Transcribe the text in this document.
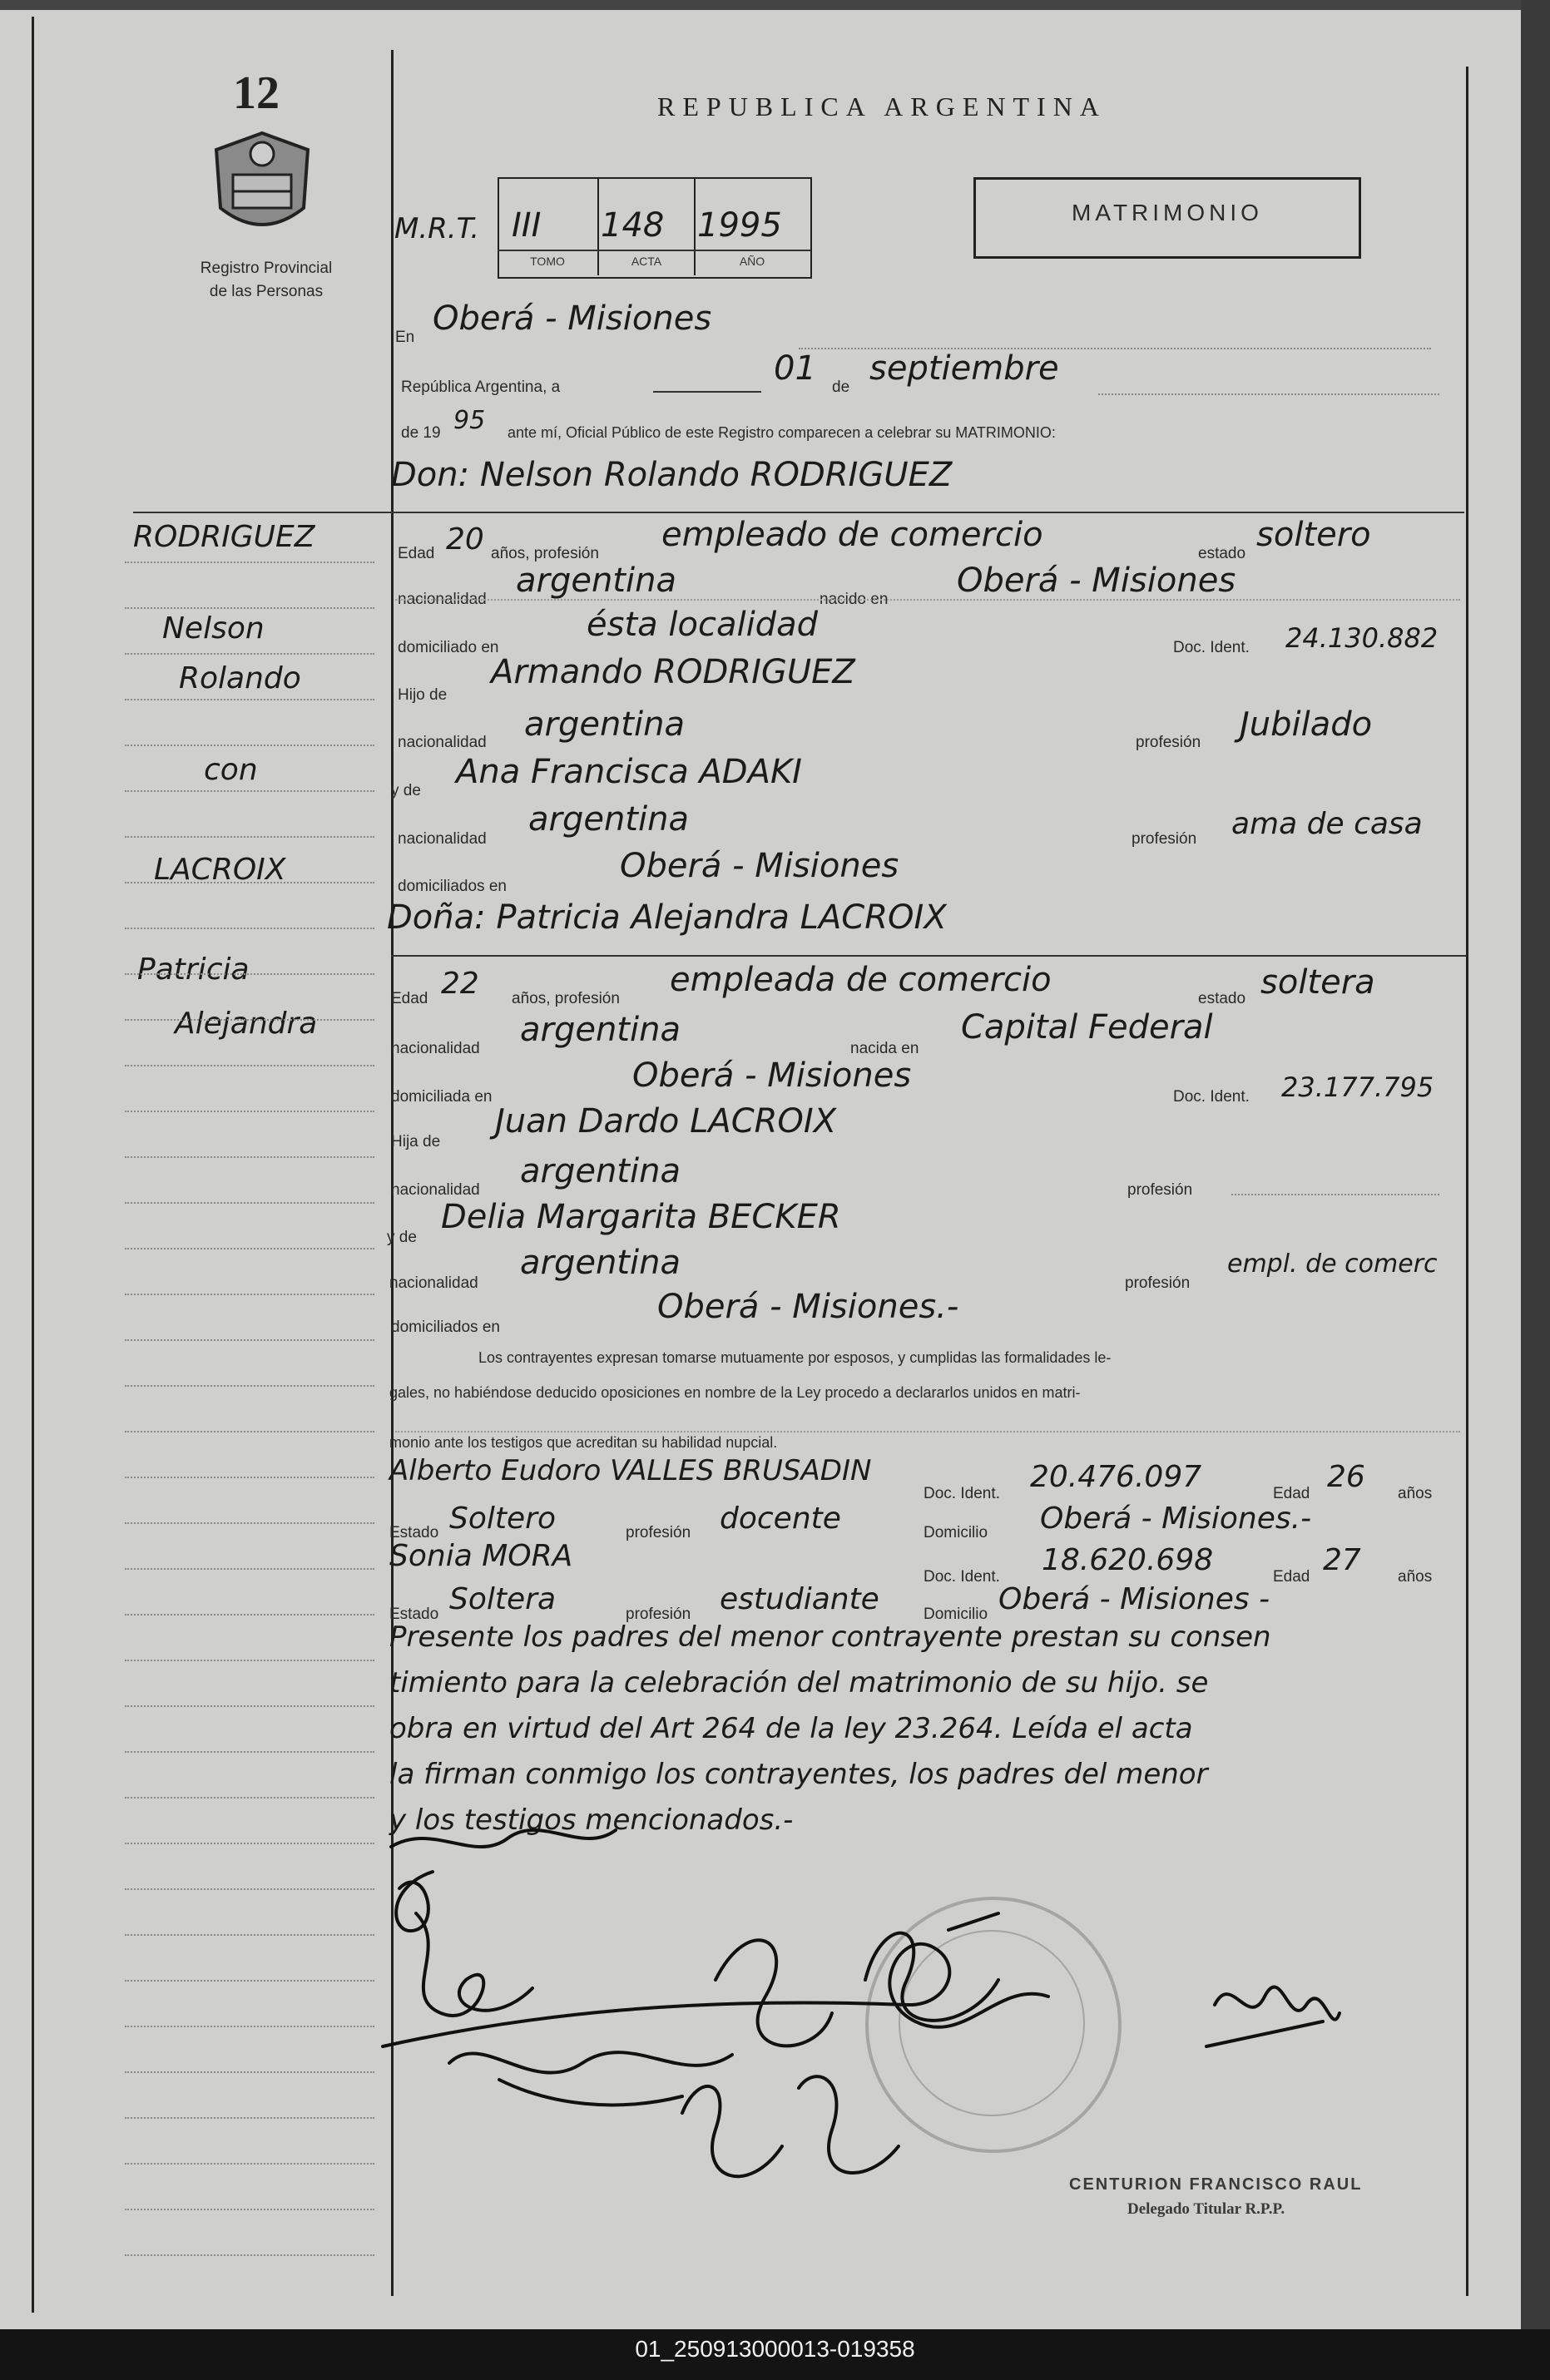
12
Registro Provincial
de las Personas
REPUBLICA ARGENTINA
MATRIMONIO
M.R.T. III 148 1995
TOMO	ACTA	AÑO
En Oberá - Misiones
República Argentina, a	01 de septiembre
de 19 95 ante mí, Oficial Público de este Registro comparecen a celebrar su MATRIMONIO:
Don: Nelson Rolando RODRIGUEZ
RODRIGUEZ
Nelson
Rolando
con
LACROIX
Patricia
Alejandra
Edad 20 años, profesión empleado de comercio	estado soltero
nacionalidad argentina	nacido en Oberá - Misiones
domiciliado en
ésta localidad
Doc. Ident. 24.130.882
Hijo de
Armando RODRIGUEZ
nacionalidad argentina	profesión Jubilado
y de Ana Francisca ADAKI
nacionalidad
argentina
profesión ama de casa
domiciliados en
Oberá - Misiones
Doña: Patricia Alejandra LACROIX
Edad 22 años, profesión empleada de comercio	estado soltera
nacionalidad argentina	nacida en
Capital Federal
domiciliada en
Oberá - Misiones
Doc. Ident. 23.177.795
Hija de
Juan Dardo LACROIX
nacionalidad argentina	profesión
y de
Delia Margarita BECKER
nacionalidad
argentina
profesión
empl. de comerc
domiciliados en
Oberá - Misiones.-
Los contrayentes expresan tomarse mutuamente por esposos, y cumplidas las formalidades le-
gales, no habiéndose deducido oposiciones en nombre de la Ley procedo a declararlos unidos en matri-
monio ante los testigos que acreditan su habilidad nupcial.
Alberto Eudoro VALLES BRUSADIN
Doc. Ident. 20.476.097	Edad 26 años
Estado Soltero	profesión docente	Domicilio Oberá - Misiones.-
Sonia MORA
Doc. Ident. 18.620.698	Edad 27 años
Estado Soltera	profesión estudiante	Domicilio Oberá - Misiones -
Presente los padres del menor contrayente prestan su consen
timiento para la celebración del matrimonio de su hijo. se
obra en virtud del Art 264 de la ley 23.264. Leída el acta
la firman conmigo los contrayentes, los padres del menor
y los testigos mencionados.-
CENTURION FRANCISCO RAUL
Delegado Titular R.P.P.
01_250913000013-019358
